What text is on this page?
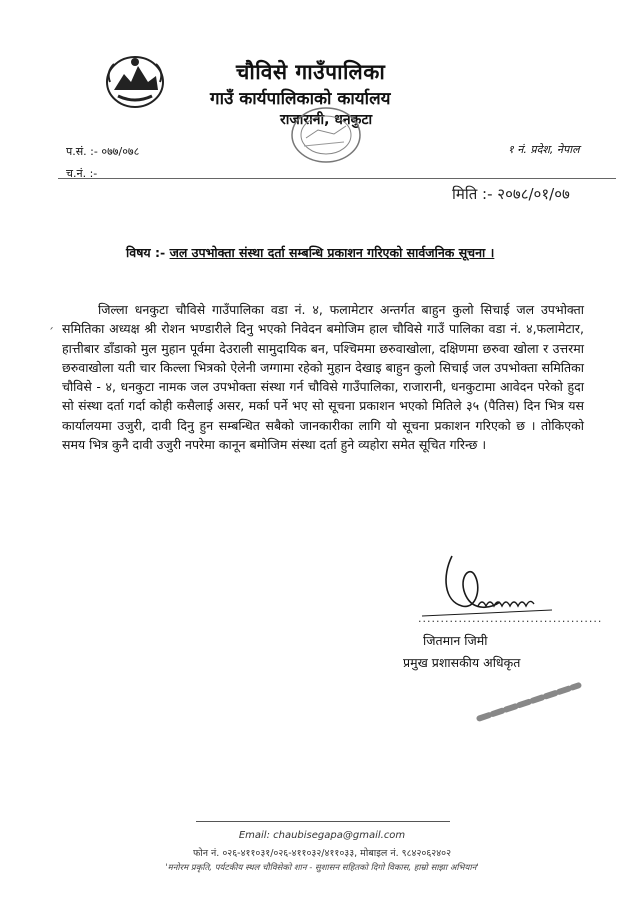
चौविसे गाउँपालिका
गाउँ कार्यपालिकाको कार्यालय
राजारानी, धनकुटा
प.सं. :- ०७७/०७८
च.नं. :-
१ नं. प्रदेश, नेपाल
मिति :- २०७८/०१/०७
विषय :- जल उपभोक्ता संस्था दर्ता सम्बन्धि प्रकाशन गरिएको सार्वजनिक सूचना ।
ˊ
जिल्ला धनकुटा चौविसे गाउँपालिका वडा नं. ४, फलामेटार अन्तर्गत बाहुन कुलो सिचाई जल उपभोक्ता समितिका अध्यक्ष श्री रोशन भण्डारीले दिनु भएको निवेदन बमोजिम हाल चौविसे गाउँ पालिका वडा नं. ४,फलामेटार, हात्तीबार डाँडाको मुल मुहान पूर्वमा देउराली सामुदायिक बन, पश्चिममा छरुवाखोला, दक्षिणमा छरुवा खोला र उत्तरमा छरुवाखोला यती चार किल्ला भित्रको ऐलेनी जग्गामा रहेको मुहान देखाइ बाहुन कुलो सिचाई जल उपभोक्ता समितिका चौविसे - ४, धनकुटा नामक जल उपभोक्ता संस्था गर्न चौविसे गाउँपालिका, राजारानी, धनकुटामा आवेदन परेको हुदा सो संस्था दर्ता गर्दा कोही कसैलाई असर, मर्का पर्ने भए सो सूचना प्रकाशन भएको मितिले ३५ (पैतिस) दिन भित्र यस कार्यालयमा उजुरी, दावी दिनु हुन सम्बन्धित सबैको जानकारीका लागि यो सूचना प्रकाशन गरिएको छ । तोकिएको समय भित्र कुनै दावी उजुरी नपरेमा कानून बमोजिम संस्था दर्ता हुने व्यहोरा समेत सूचित गरिन्छ ।
.........................................
जितमान जिमी
प्रमुख प्रशासकीय अधिकृत
Email: chaubisegapa@gmail.com
फोन नं. ०२६-४११०३१/०२६-४११०३२/४११०३३, मोबाइल नं. ९८४२०६२४०२
'मनोरम प्रकृति, पर्यटकीय स्थल चौविसेको शान - सुशासन सहितको दिगो विकास, हाम्रो साझा अभियान'
